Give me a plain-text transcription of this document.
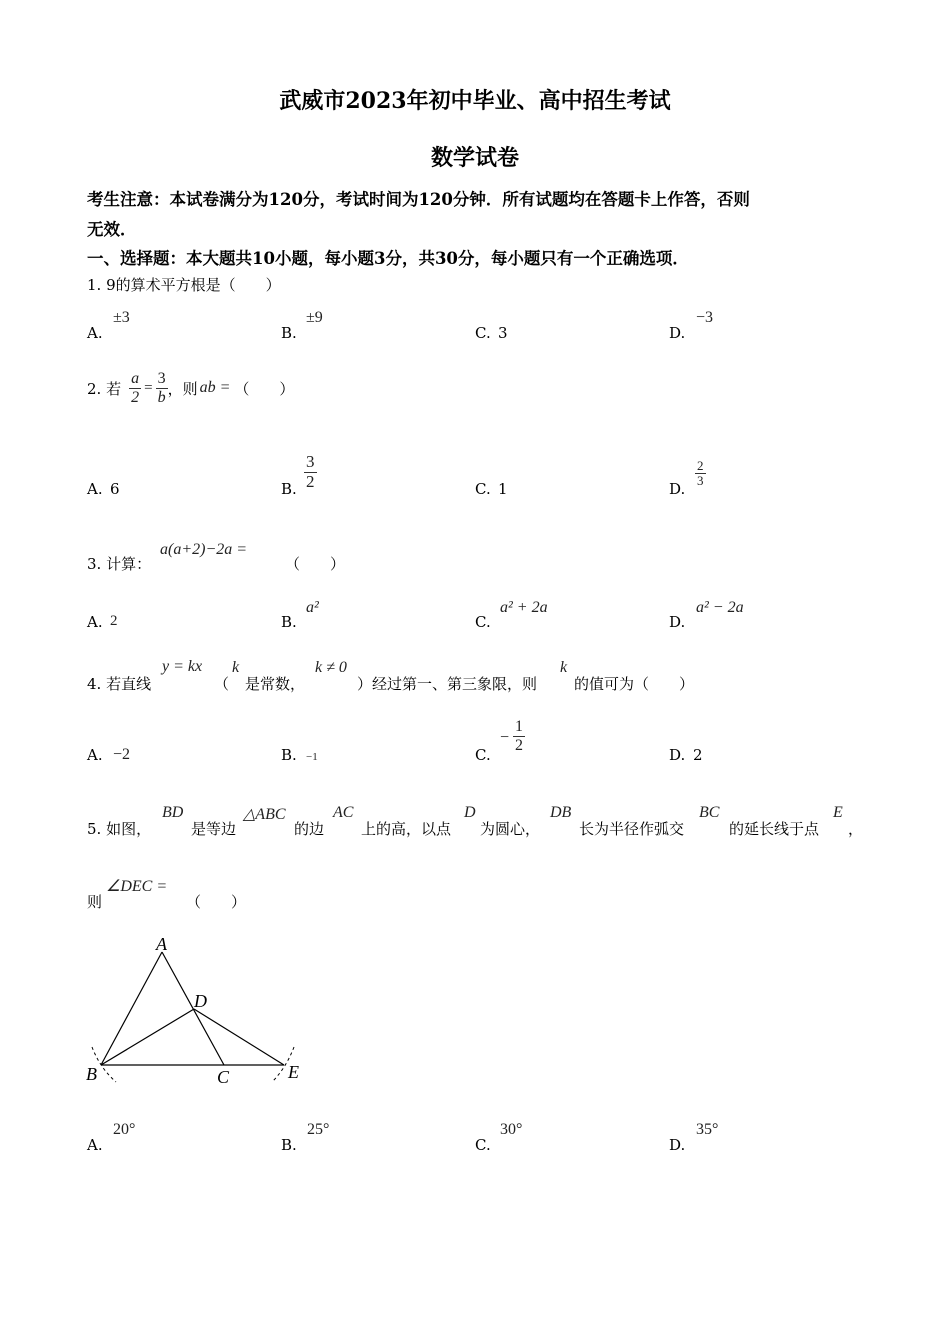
武威市2023年初中毕业、高中招生考试
数学试卷
考生注意：本试卷满分为120分，考试时间为120分钟．所有试题均在答题卡上作答，否则
无效．
一、选择题：本大题共10小题，每小题3分，共30分，每小题只有一个正确选项．
1. 9的算术平方根是（　　）
A.
±3
B.
±9
C. 3	D.
−3
2. 若 $\frac{a}{2} = \frac{3}{b}$ ，则 ab = （　　）
A. 6	B. $\frac{3}{2}$	C. 1	D.
$\frac{2}{3}$
3. 计算：
a(a+2)−2a =
（　　）
A. 2	B.
a²
C.
a² + 2a
D.
a² − 2a
4. 若直线
y = kx
（
k
是常数，
k ≠ 0
）经过第一、第三象限，则
k
的值可为（　　）
A. −2	B. −1	C.
− $\frac{1}{2}$
D. 2
5. 如图，
BD
是等边
△ABC
的边
AC
上的高，以点
D
为圆心，
DB
长为半径作弧交
BC
的延长线于点
E
，
则
∠DEC =
（　　）
A
D
B	C	E
A.
20°
B.
25°
C.
30°
D.
35°
